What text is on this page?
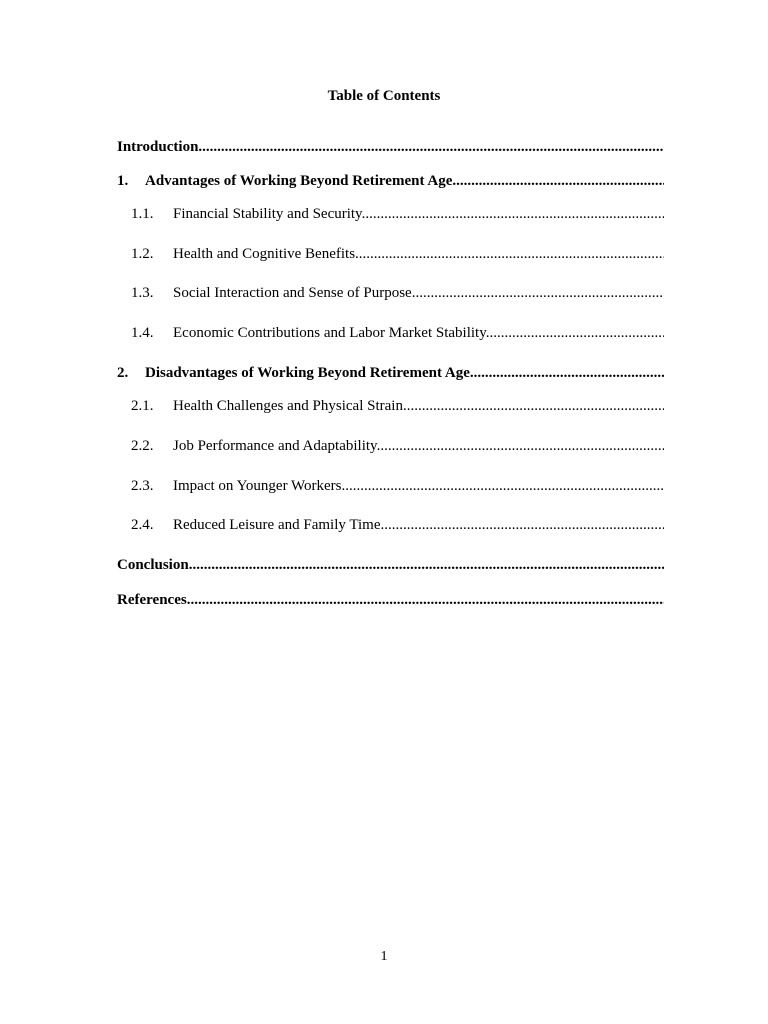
Table of Contents
Introduction .....
1. Advantages of Working Beyond Retirement Age .....
1.1. Financial Stability and Security .....
1.2. Health and Cognitive Benefits .....
1.3. Social Interaction and Sense of Purpose .....
1.4. Economic Contributions and Labor Market Stability .....
2. Disadvantages of Working Beyond Retirement Age .....
2.1. Health Challenges and Physical Strain .....
2.2. Job Performance and Adaptability .....
2.3. Impact on Younger Workers .....
2.4. Reduced Leisure and Family Time .....
Conclusion .....
References .....
1
